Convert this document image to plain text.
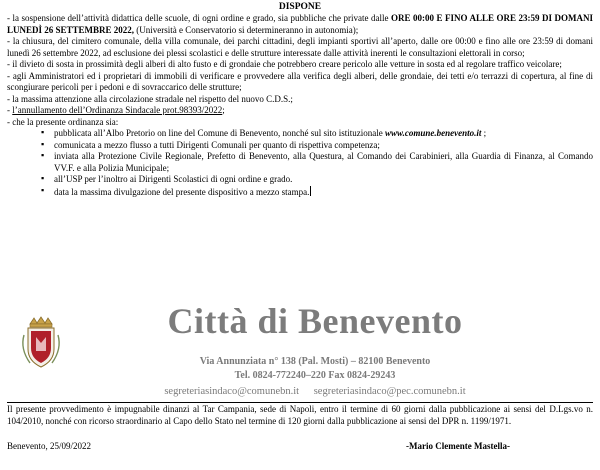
DISPONE

- la sospensione dell’attività didattica delle scuole, di ogni ordine e grado, sia pubbliche che private dalle ORE 00:00 E FINO ALLE ORE 23:59 DI DOMANI LUNEDÌ 26 SETTEMBRE 2022, (Università e Conservatorio si determineranno in autonomia);

- la chiusura, del cimitero comunale, della villa comunale, dei parchi cittadini, degli impianti sportivi all’aperto, dalle ore 00:00 e fino alle ore 23:59 di domani lunedì 26 settembre 2022, ad esclusione dei plessi scolastici e delle strutture interessate dalle attività inerenti le consultazioni elettorali in corso;

- il divieto di sosta in prossimità degli alberi di alto fusto e di grondaie che potrebbero creare pericolo alle vetture in sosta ed al regolare traffico veicolare;

- agli Amministratori ed i proprietari di immobili di verificare e provvedere alla verifica degli alberi, delle grondaie, dei tetti e/o terrazzi di copertura, al fine di scongiurare pericoli per i pedoni e di sovraccarico delle strutture;

- la massima attenzione alla circolazione stradale nel rispetto del nuovo C.D.S.;

- l’annullamento dell’Ordinanza Sindacale prot.98393/2022;

- che la presente ordinanza sia:

▪ pubblicata all’Albo Pretorio on line del Comune di Benevento, nonché sul sito istituzionale www.comune.benevento.it ;
▪ comunicata a mezzo flusso a tutti Dirigenti Comunali per quanto di rispettiva competenza;
▪ inviata alla Protezione Civile Regionale, Prefetto di Benevento, alla Questura, al Comando dei Carabinieri, alla Guardia di Finanza, al Comando VV.F. e alla Polizia Municipale;
▪ all’USP per l’inoltro ai Dirigenti Scolastici di ogni ordine e grado.
▪ data la massima divulgazione del presente dispositivo a mezzo stampa.
Città di Benevento
Via Annunziata n° 138 (Pal. Mosti) – 82100 Benevento
Tel. 0824-772240–220 Fax 0824-29243
segreteriasindaco@comunebn.it segreteriasindaco@pec.comunebn.it

Il presente provvedimento è impugnabile dinanzi al Tar Campania, sede di Napoli, entro il termine di 60 giorni dalla pubblicazione ai sensi del D.Lgs.vo n. 104/2010, nonché con ricorso straordinario al Capo dello Stato nel termine di 120 giorni dalla pubblicazione ai sensi del DPR n. 1199/1971.

Benevento, 25/09/2022	-Mario Clemente Mastella-
